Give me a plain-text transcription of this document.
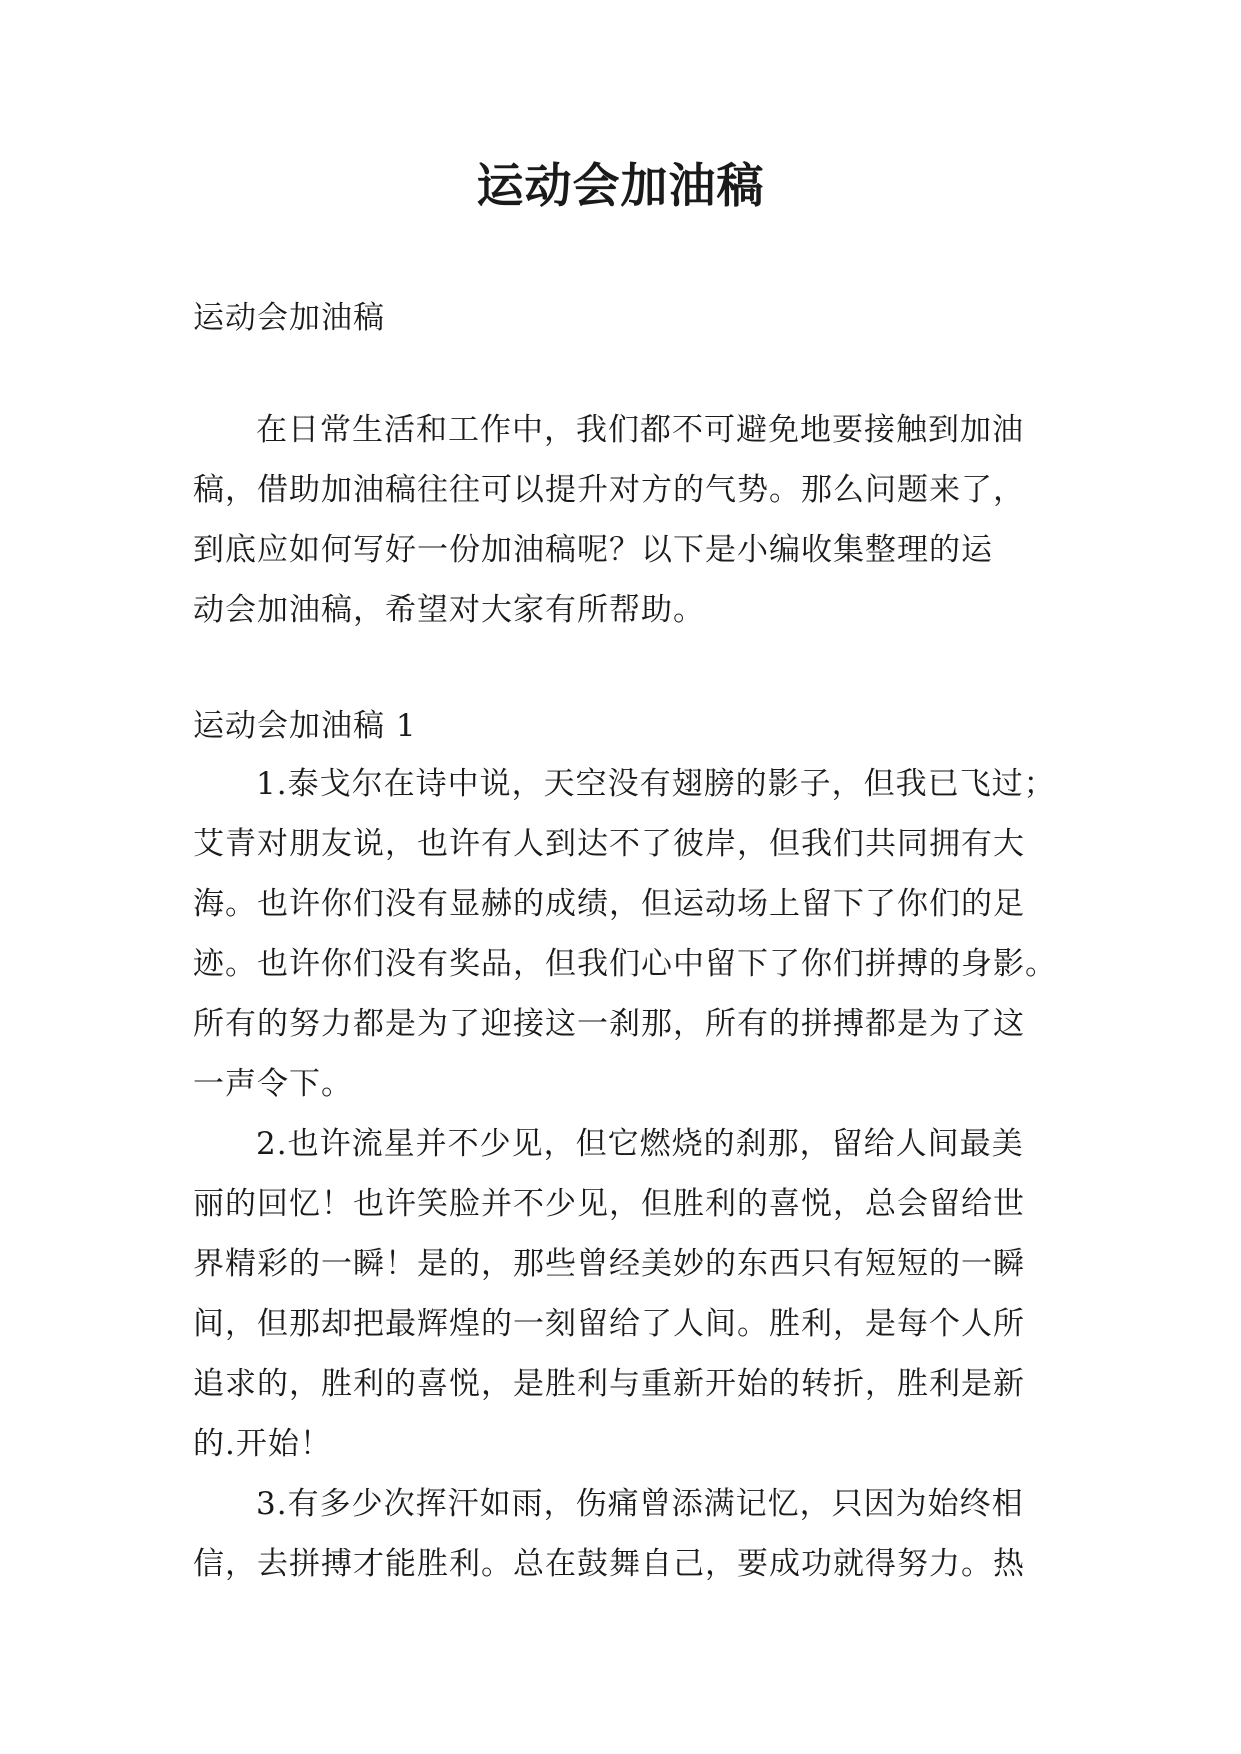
运动会加油稿
运动会加油稿
在日常生活和工作中，我们都不可避免地要接触到加油
稿，借助加油稿往往可以提升对方的气势。那么问题来了，
到底应如何写好一份加油稿呢？以下是小编收集整理的运
动会加油稿，希望对大家有所帮助。
运动会加油稿 1
1.泰戈尔在诗中说，天空没有翅膀的影子，但我已飞过；
艾青对朋友说，也许有人到达不了彼岸，但我们共同拥有大
海。也许你们没有显赫的成绩，但运动场上留下了你们的足
迹。也许你们没有奖品，但我们心中留下了你们拼搏的身影。
所有的努力都是为了迎接这一刹那，所有的拼搏都是为了这
一声令下。
2.也许流星并不少见，但它燃烧的刹那，留给人间最美
丽的回忆！也许笑脸并不少见，但胜利的喜悦，总会留给世
界精彩的一瞬！是的，那些曾经美妙的东西只有短短的一瞬
间，但那却把最辉煌的一刻留给了人间。胜利，是每个人所
追求的，胜利的喜悦，是胜利与重新开始的转折，胜利是新
的.开始！
3.有多少次挥汗如雨，伤痛曾添满记忆，只因为始终相
信，去拼搏才能胜利。总在鼓舞自己，要成功就得努力。热
